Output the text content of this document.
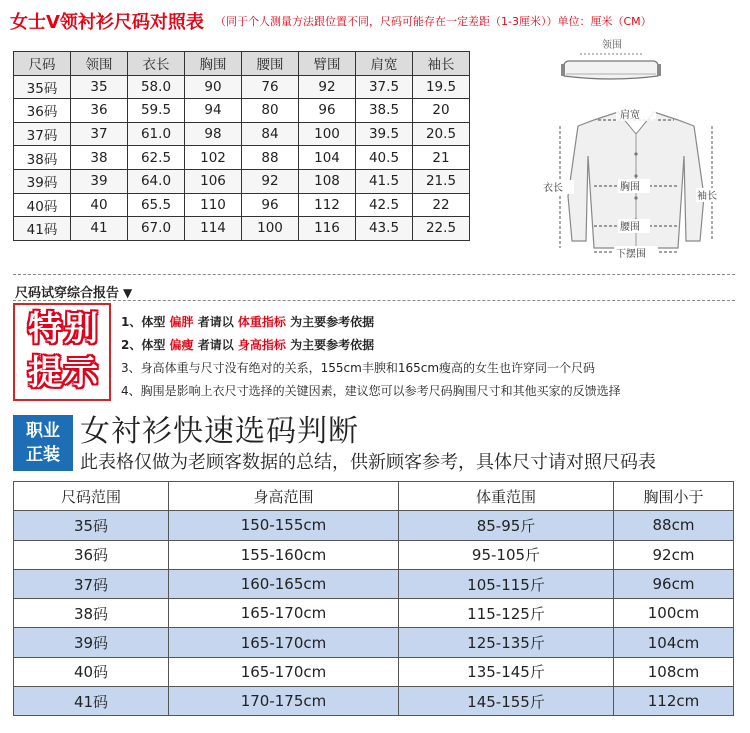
女士V领衬衫尺码对照表 （同于个人测量方法跟位置不同，尺码可能存在一定差距（1-3厘米））单位：厘米（CM）
尺码	领围	衣长	胸围	腰围	臂围	肩宽	袖长
35码	35	58.0	90	76	92	37.5	19.5
36码	36	59.5	94	80	96	38.5	20
37码	37	61.0	98	84	100	39.5	20.5
38码	38	62.5	102	88	104	40.5	21
39码	39	64.0	106	92	108	41.5	21.5
40码	40	65.5	110	96	112	42.5	22
41码	41	67.0	114	100	116	43.5	22.5
领围
肩宽
衣长	胸围
袖长
腰围
下摆围
尺码试穿综合报告 ▼
特别
提示
1、体型 偏胖 者请以 体重指标 为主要参考依据
2、体型 偏瘦 者请以 身高指标 为主要参考依据
3、身高体重与尺寸没有绝对的关系，155cm丰腴和165cm瘦高的女生也许穿同一个尺码
4、胸围是影响上衣尺寸选择的关键因素，建议您可以参考尺码胸围尺寸和其他买家的反馈选择
职业
正装
女衬衫快速选码判断
此表格仅做为老顾客数据的总结，供新顾客参考，具体尺寸请对照尺码表
尺码范围	身高范围	体重范围	胸围小于
35码	150-155cm	85-95斤	88cm
36码	155-160cm	95-105斤	92cm
37码	160-165cm	105-115斤	96cm
38码	165-170cm	115-125斤	100cm
39码	165-170cm	125-135斤	104cm
40码	165-170cm	135-145斤	108cm
41码	170-175cm	145-155斤	112cm
